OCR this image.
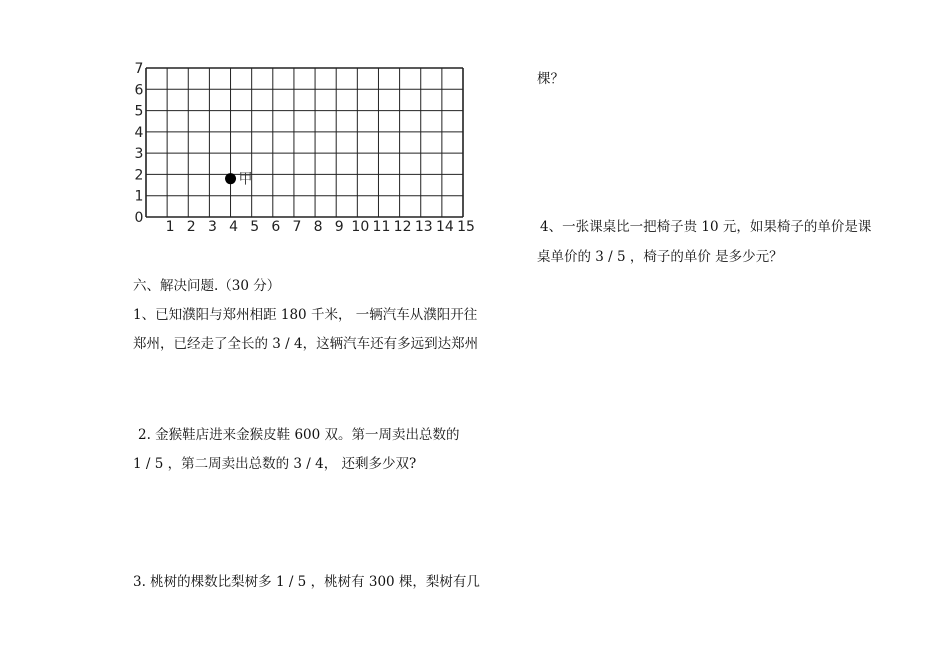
0
1
2
3
4
5
6
7
1 2 3 4 5 6 7 8 9 10 11 12 13 14 15
甲
六、解决问题.（30 分）
1、已知濮阳与郑州相距 180 千米， 一辆汽车从濮阳开往
郑州，已经走了全长的 3 / 4，这辆汽车还有多远到达郑州
2. 金猴鞋店进来金猴皮鞋 600 双。第一周卖出总数的
1 / 5 ，第二周卖出总数的 3 / 4， 还剩多少双?
3. 桃树的棵数比梨树多 1 / 5 ，桃树有 300 棵，梨树有几
棵？
4、一张课桌比一把椅子贵 10 元，如果椅子的单价是课
桌单价的 3 / 5 ，椅子的单价 是多少元？
